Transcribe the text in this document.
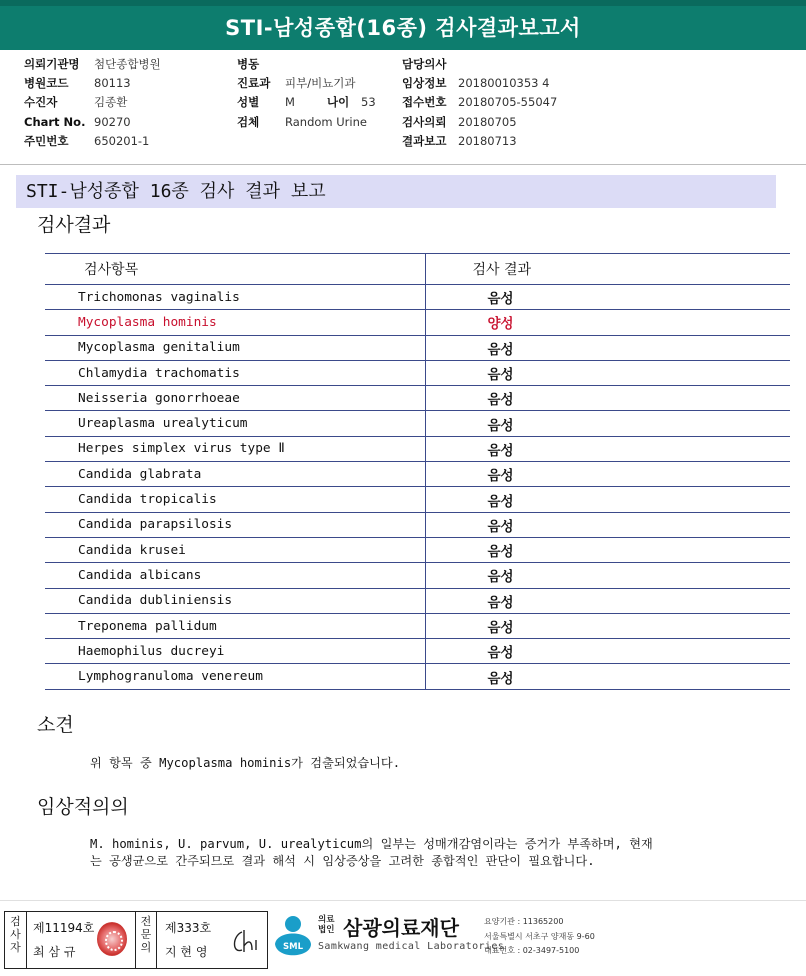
STI-남성종합(16종) 검사결과보고서
의뢰기관명 첨단종합병원
병원코드 80113
수진자	김종환
Chart No. 90270
주민번호 650201-1
병동
진료과 피부/비뇨기과
성별 M	나이 53
검체 Random Urine
담당의사
임상정보 20180010353 4
접수번호 20180705-55047
검사의뢰 20180705
결과보고 20180713
STI-남성종합 16종 검사 결과 보고
검사결과
검사항목	검사 결과
Trichomonas vaginalis	음성
Mycoplasma hominis	양성
Mycoplasma genitalium	음성
Chlamydia trachomatis	음성
Neisseria gonorrhoeae	음성
Ureaplasma urealyticum	음성
Herpes simplex virus type Ⅱ	음성
Candida glabrata	음성
Candida tropicalis	음성
Candida parapsilosis	음성
Candida krusei	음성
Candida albicans	음성
Candida dubliniensis	음성
Treponema pallidum	음성
Haemophilus ducreyi	음성
Lymphogranuloma venereum	음성
소견
위 항목 중 Mycoplasma hominis가 검출되었습니다.
임상적의의
M. hominis, U. parvum, U. urealyticum의 일부는 성매개감염이라는 증거가 부족하며, 현재
는 공생균으로 간주되므로 결과 해석 시 임상증상을 고려한 종합적인 판단이 필요합니다.
검사자
제11194호
최 삼 규
전문의
제333호
지 현 영	SML
의료
법인 삼광의료재단
Samkwang medical Laboratories
요양기관 : 11365200
서울특별시 서초구 양재동 9-60
대표번호 : 02-3497-5100
